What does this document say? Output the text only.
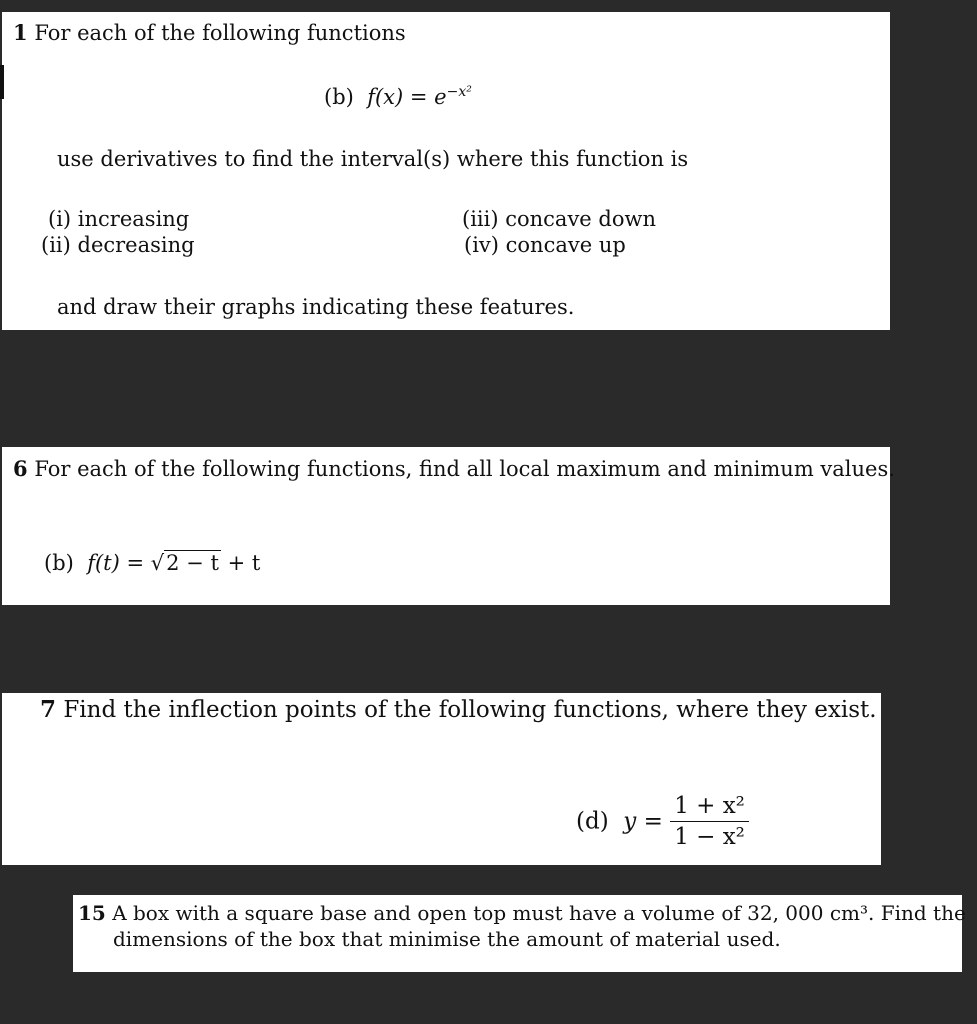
1 For each of the following functions
(b) $f(x) = e^{-x^2}$
use derivatives to find the interval(s) where this function is
(i) increasing
(ii) decreasing
(iii) concave down
(iv) concave up
and draw their graphs indicating these features.
6 For each of the following functions, find all local maximum and minimum values.
(b) f(t) = √2 − t + t
7 Find the inflection points of the following functions, where they exist.
(d) $y = \frac{\text{1 + x²}}{\text{1 − x²}}$
15 A box with a square base and open top must have a volume of 32, 000 cm³. Find the
dimensions of the box that minimise the amount of material used.
